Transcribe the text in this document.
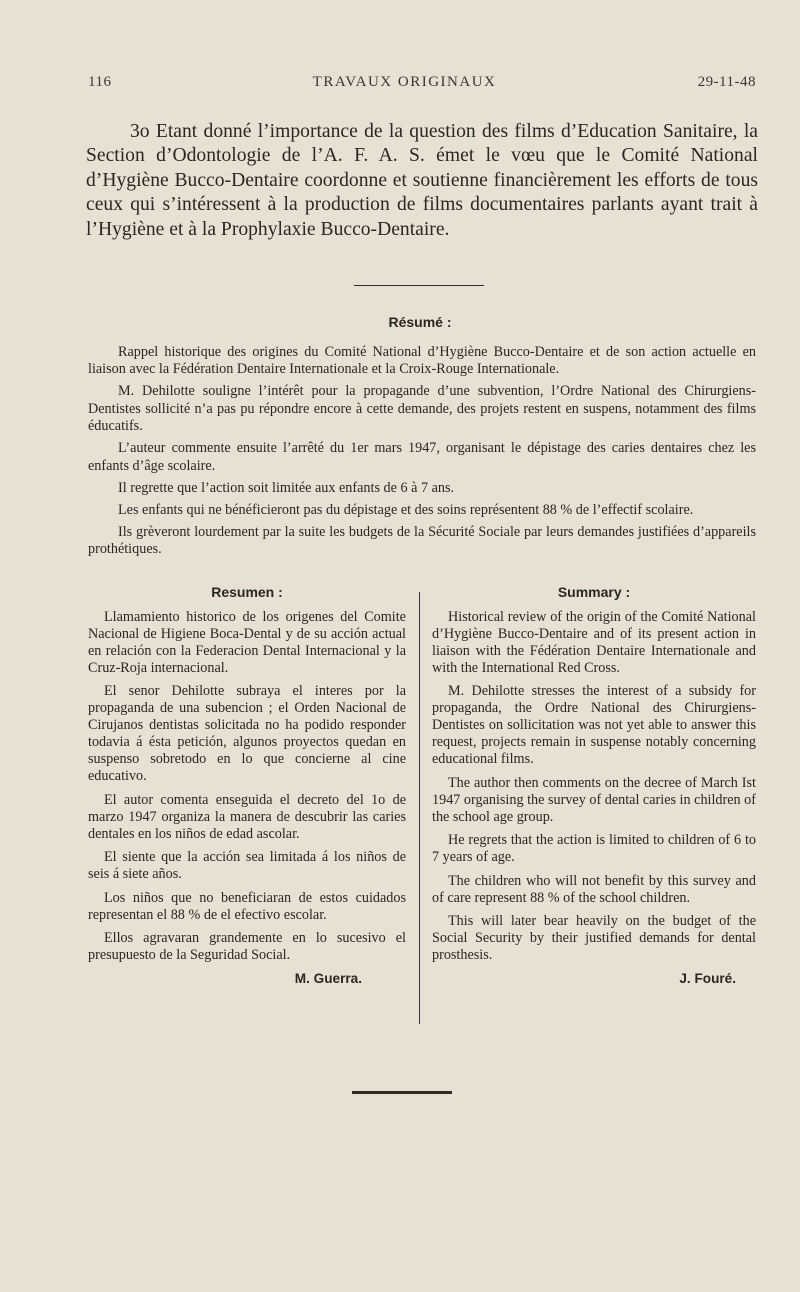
116	TRAVAUX ORIGINAUX	29-11-48

3o Etant donné l’importance de la question des films d’Education Sanitaire, la Section d’Odontologie de l’A. F. A. S. émet le vœu que le Comité National d’Hygiène Bucco-Dentaire coordonne et soutienne financièrement les efforts de tous ceux qui s’intéressent à la production de films documentaires parlants ayant trait à l’Hygiène et à la Prophylaxie Bucco-Dentaire.

Résumé :

Rappel historique des origines du Comité National d’Hygiène Bucco-Dentaire et de son action actuelle en liaison avec la Fédération Dentaire Internationale et la Croix-Rouge Internationale.

M. Dehilotte souligne l’intérêt pour la propagande d’une subvention, l’Ordre National des Chirurgiens-Dentistes sollicité n’a pas pu répondre encore à cette demande, des projets restent en suspens, notamment des films éducatifs.

L’auteur commente ensuite l’arrêté du 1er mars 1947, organisant le dépistage des caries dentaires chez les enfants d’âge scolaire.

Il regrette que l’action soit limitée aux enfants de 6 à 7 ans.

Les enfants qui ne bénéficieront pas du dépistage et des soins représentent 88 % de l’effectif scolaire.

Ils grèveront lourdement par la suite les budgets de la Sécurité Sociale par leurs demandes justifiées d’appareils prothétiques.

Resumen :

Llamamiento historico de los origenes del Comite Nacional de Higiene Boca-Dental y de su acción actual en relación con la Federacion Dental Internacional y la Cruz-Roja internacional.

El senor Dehilotte subraya el interes por la propaganda de una subencion ; el Orden Nacional de Cirujanos dentistas solicitada no ha podido responder todavia á ésta petición, algunos proyectos quedan en suspenso sobretodo en lo que concierne al cine educativo.

El autor comenta enseguida el decreto del 1o de marzo 1947 organiza la manera de descubrir las caries dentales en los niños de edad ascolar.

El siente que la acción sea limitada á los niños de seis á siete años.

Los niños que no beneficiaran de estos cuidados representan el 88 % de el efectivo escolar.

Ellos agravaran grandemente en lo sucesivo el presupuesto de la Seguridad Social.

M. Guerra.

Summary :

Historical review of the origin of the Comité National d’Hygiène Bucco-Dentaire and of its present action in liaison with the Fédération Dentaire Internationale and with the International Red Cross.

M. Dehilotte stresses the interest of a subsidy for propaganda, the Ordre National des Chirurgiens-Dentistes on sollicitation was not yet able to answer this request, projects remain in suspense notably concerning educational films.

The author then comments on the decree of March Ist 1947 organising the survey of dental caries in children of the school age group.

He regrets that the action is limited to children of 6 to 7 years of age.

The children who will not benefit by this survey and of care represent 88 % of the school children.

This will later bear heavily on the budget of the Social Security by their justified demands for dental prosthesis.

J. Fouré.
